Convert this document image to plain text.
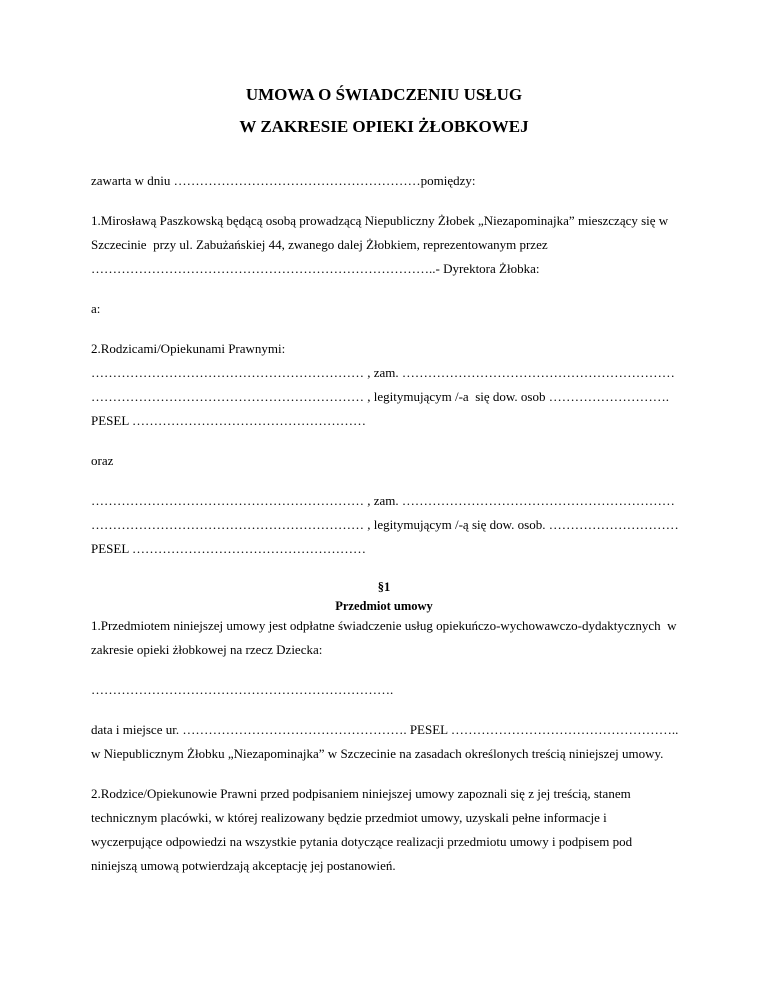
UMOWA O ŚWIADCZENIU USŁUG
W ZAKRESIE OPIEKI ŻŁOBKOWEJ
zawarta w dniu …………………………………………………pomiędzy:
1.Mirosławą Paszkowską będącą osobą prowadzącą Niepubliczny Żłobek „Niezapominajka” mieszczący się w
Szczecinie  przy ul. Zabużańskiej 44, zwanego dalej Żłobkiem, reprezentowanym przez
……………………………………………………………………..- Dyrektora Żłobka:
a:
2.Rodzicami/Opiekunami Prawnymi:
……………………………………………………… , zam. ………………………………………………………
……………………………………………………… , legitymującym /-a  się dow. osob ……………………….
PESEL ………………………………………………
oraz
……………………………………………………… , zam. ………………………………………………………
……………………………………………………… , legitymującym /-ą się dow. osob. …………………………
PESEL ………………………………………………
§1
Przedmiot umowy
1.Przedmiotem niniejszej umowy jest odpłatne świadczenie usług opiekuńczo-wychowawczo-dydaktycznych  w
zakresie opieki żłobkowej na rzecz Dziecka:
…………………………………………………………….
data i miejsce ur. ……………………………………………. PESEL ……………………………………………..
w Niepublicznym Żłobku „Niezapominajka” w Szczecinie na zasadach określonych treścią niniejszej umowy.
2.Rodzice/Opiekunowie Prawni przed podpisaniem niniejszej umowy zapoznali się z jej treścią, stanem
technicznym placówki, w której realizowany będzie przedmiot umowy, uzyskali pełne informacje i
wyczerpujące odpowiedzi na wszystkie pytania dotyczące realizacji przedmiotu umowy i podpisem pod
niniejszą umową potwierdzają akceptację jej postanowień.
